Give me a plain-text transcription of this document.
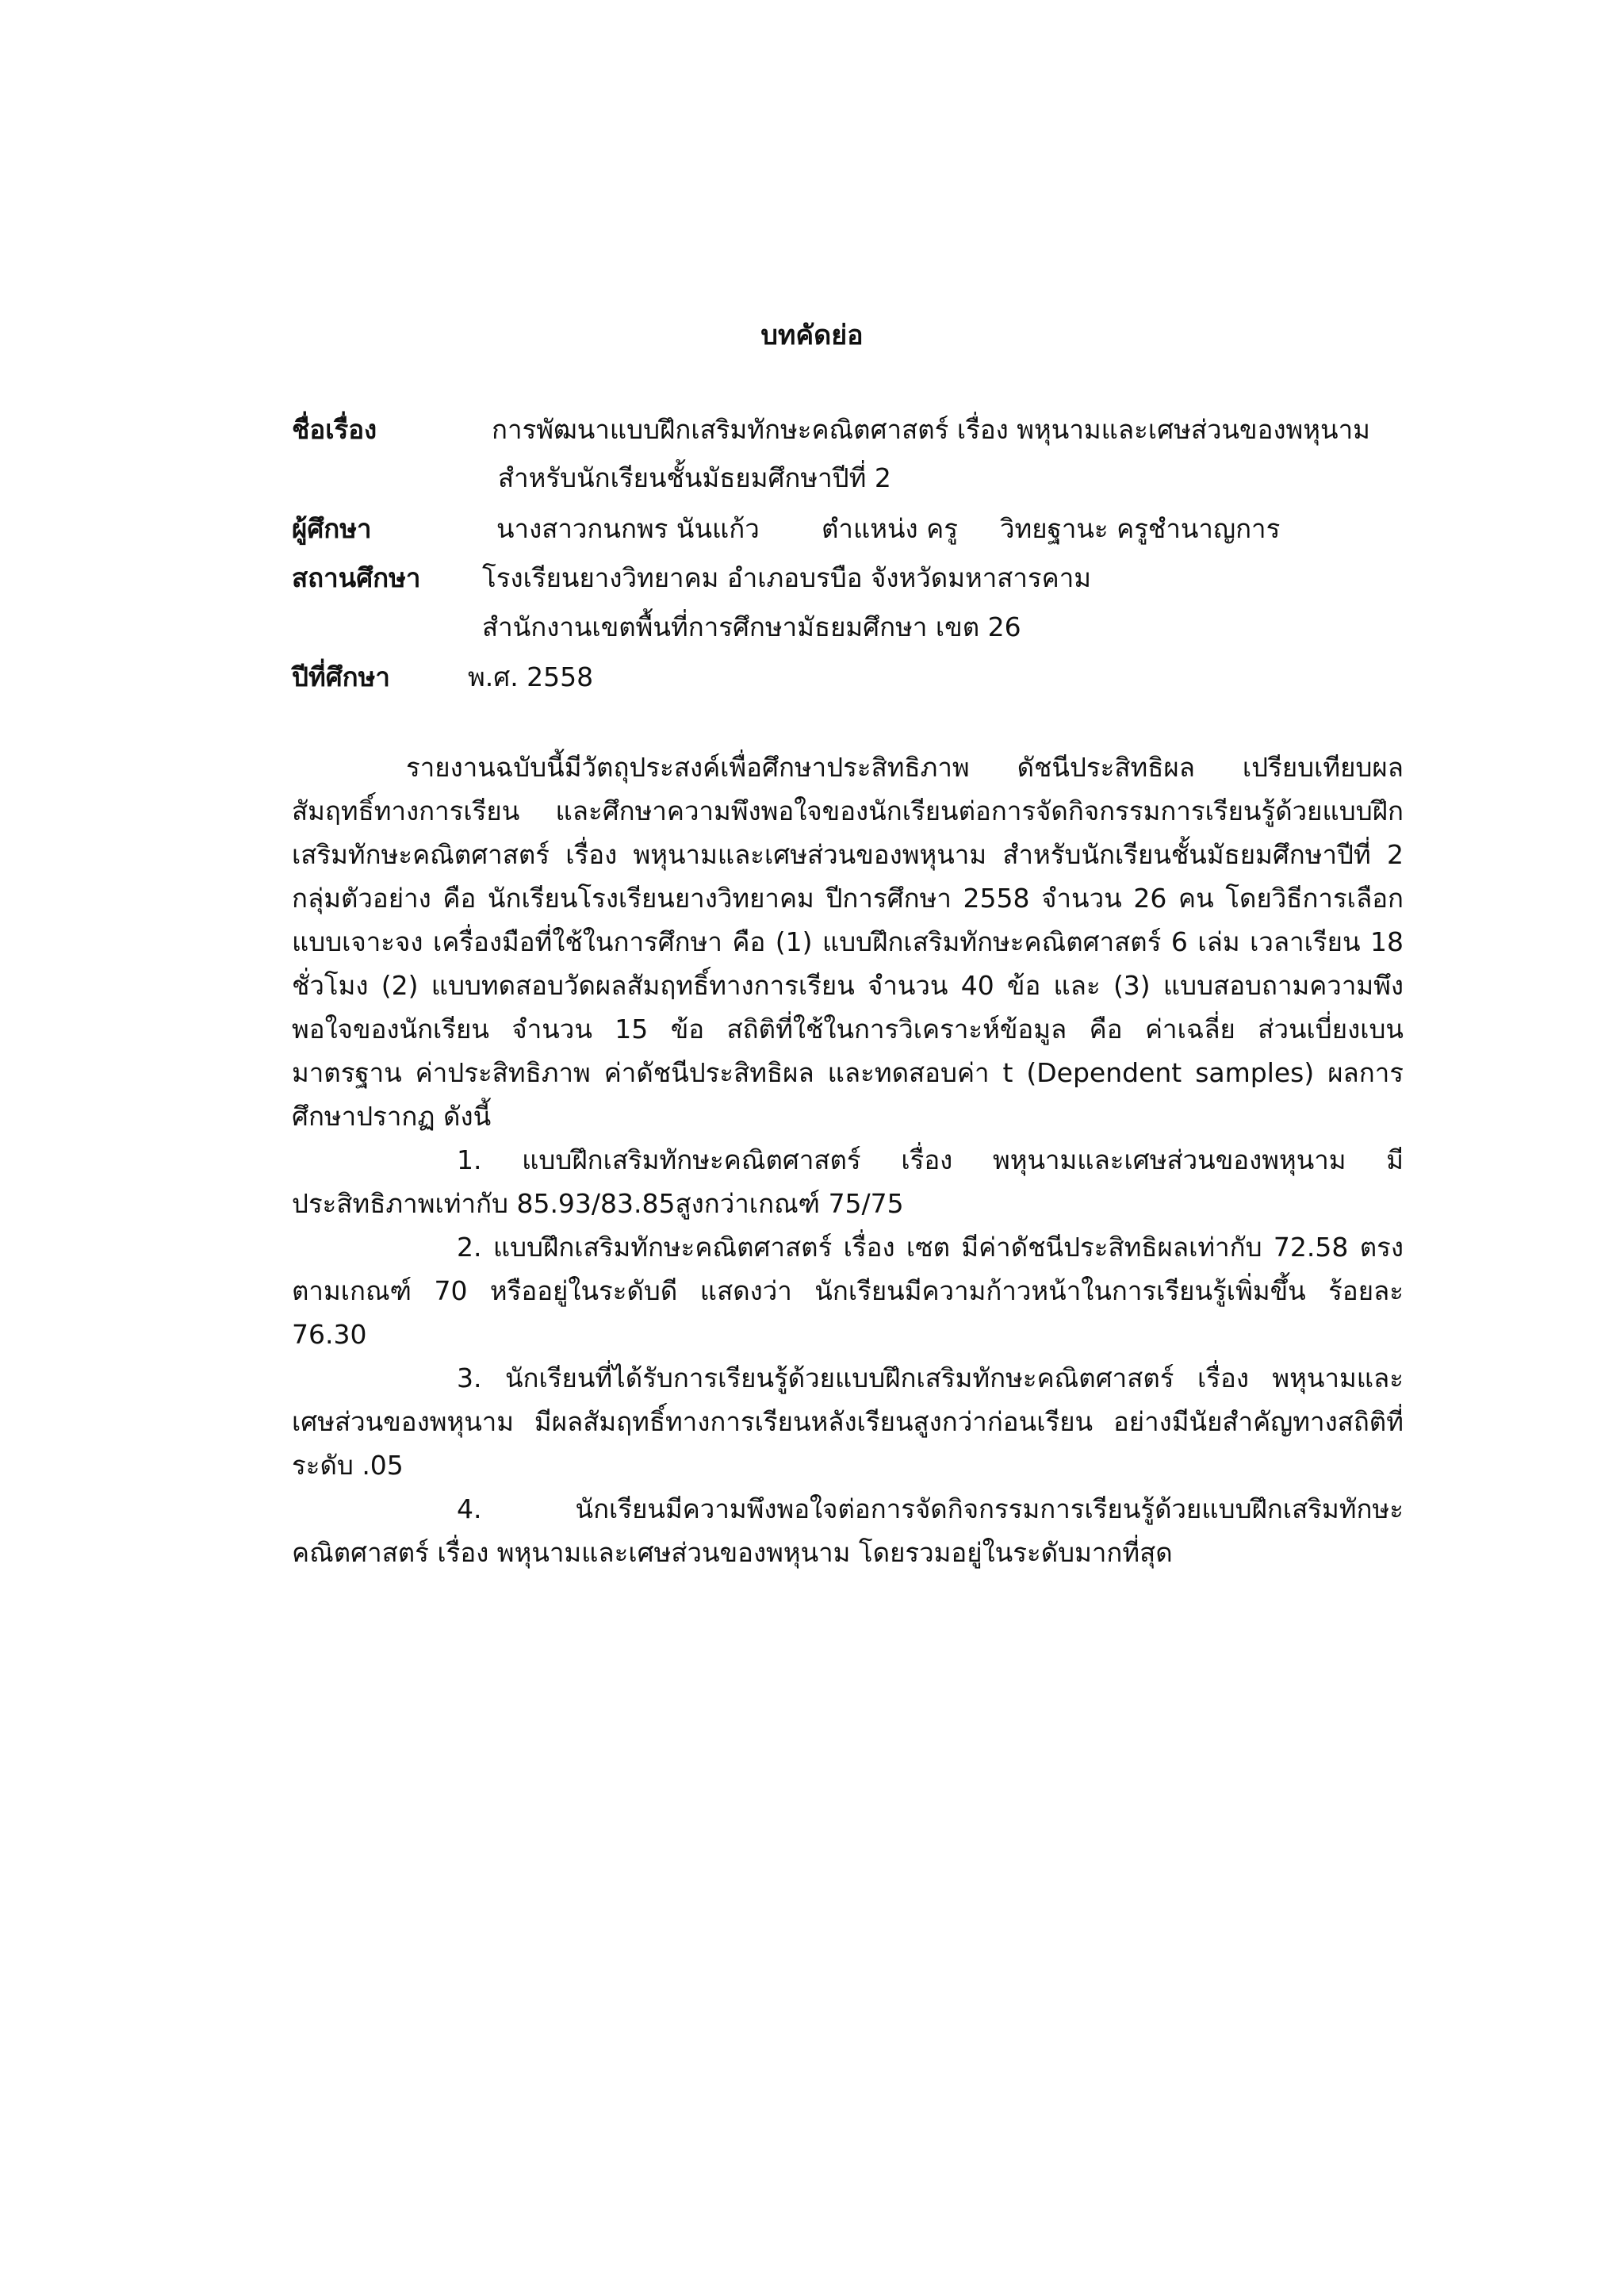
บทคัดย่อ
ชื่อเรื่อง	การพัฒนาแบบฝึกเสริมทักษะคณิตศาสตร์ เรื่อง พหุนามและเศษส่วนของพหุนาม
สำหรับนักเรียนชั้นมัธยมศึกษาปีที่ 2
ผู้ศึกษา	นางสาวกนกพร นันแก้ว ตำแหน่ง ครู วิทยฐานะ ครูชำนาญการ
สถานศึกษา โรงเรียนยางวิทยาคม อำเภอบรบือ จังหวัดมหาสารคาม
สำนักงานเขตพื้นที่การศึกษามัธยมศึกษา เขต 26
ปีที่ศึกษา	พ.ศ. 2558

รายงานฉบับนี้มีวัตถุประสงค์เพื่อศึกษาประสิทธิภาพ ดัชนีประสิทธิผล เปรียบเทียบผลสัมฤทธิ์ทางการเรียน และศึกษาความพึงพอใจของนักเรียนต่อการจัดกิจกรรมการเรียนรู้ด้วยแบบฝึกเสริมทักษะคณิตศาสตร์ เรื่อง พหุนามและเศษส่วนของพหุนาม สำหรับนักเรียนชั้นมัธยมศึกษาปีที่ 2 กลุ่มตัวอย่าง คือ นักเรียนโรงเรียนยางวิทยาคม ปีการศึกษา 2558 จำนวน 26 คน โดยวิธีการเลือกแบบเจาะจง เครื่องมือที่ใช้ในการศึกษา คือ (1) แบบฝึกเสริมทักษะคณิตศาสตร์ 6 เล่ม เวลาเรียน 18 ชั่วโมง (2) แบบทดสอบวัดผลสัมฤทธิ์ทางการเรียน จำนวน 40 ข้อ และ (3) แบบสอบถามความพึงพอใจของนักเรียน จำนวน 15 ข้อ สถิติที่ใช้ในการวิเคราะห์ข้อมูล คือ ค่าเฉลี่ย ส่วนเบี่ยงเบนมาตรฐาน ค่าประสิทธิภาพ ค่าดัชนีประสิทธิผล และทดสอบค่า t (Dependent samples) ผลการศึกษาปรากฏ ดังนี้

1. แบบฝึกเสริมทักษะคณิตศาสตร์ เรื่อง พหุนามและเศษส่วนของพหุนาม มีประสิทธิภาพเท่ากับ 85.93/83.85สูงกว่าเกณฑ์ 75/75

2. แบบฝึกเสริมทักษะคณิตศาสตร์ เรื่อง เซต มีค่าดัชนีประสิทธิผลเท่ากับ 72.58 ตรงตามเกณฑ์ 70 หรืออยู่ในระดับดี แสดงว่า นักเรียนมีความก้าวหน้าในการเรียนรู้เพิ่มขึ้น ร้อยละ 76.30

3. นักเรียนที่ได้รับการเรียนรู้ด้วยแบบฝึกเสริมทักษะคณิตศาสตร์ เรื่อง พหุนามและเศษส่วนของพหุนาม มีผลสัมฤทธิ์ทางการเรียนหลังเรียนสูงกว่าก่อนเรียน อย่างมีนัยสำคัญทางสถิติที่ระดับ .05

4. นักเรียนมีความพึงพอใจต่อการจัดกิจกรรมการเรียนรู้ด้วยแบบฝึกเสริมทักษะคณิตศาสตร์ เรื่อง พหุนามและเศษส่วนของพหุนาม โดยรวมอยู่ในระดับมากที่สุด
